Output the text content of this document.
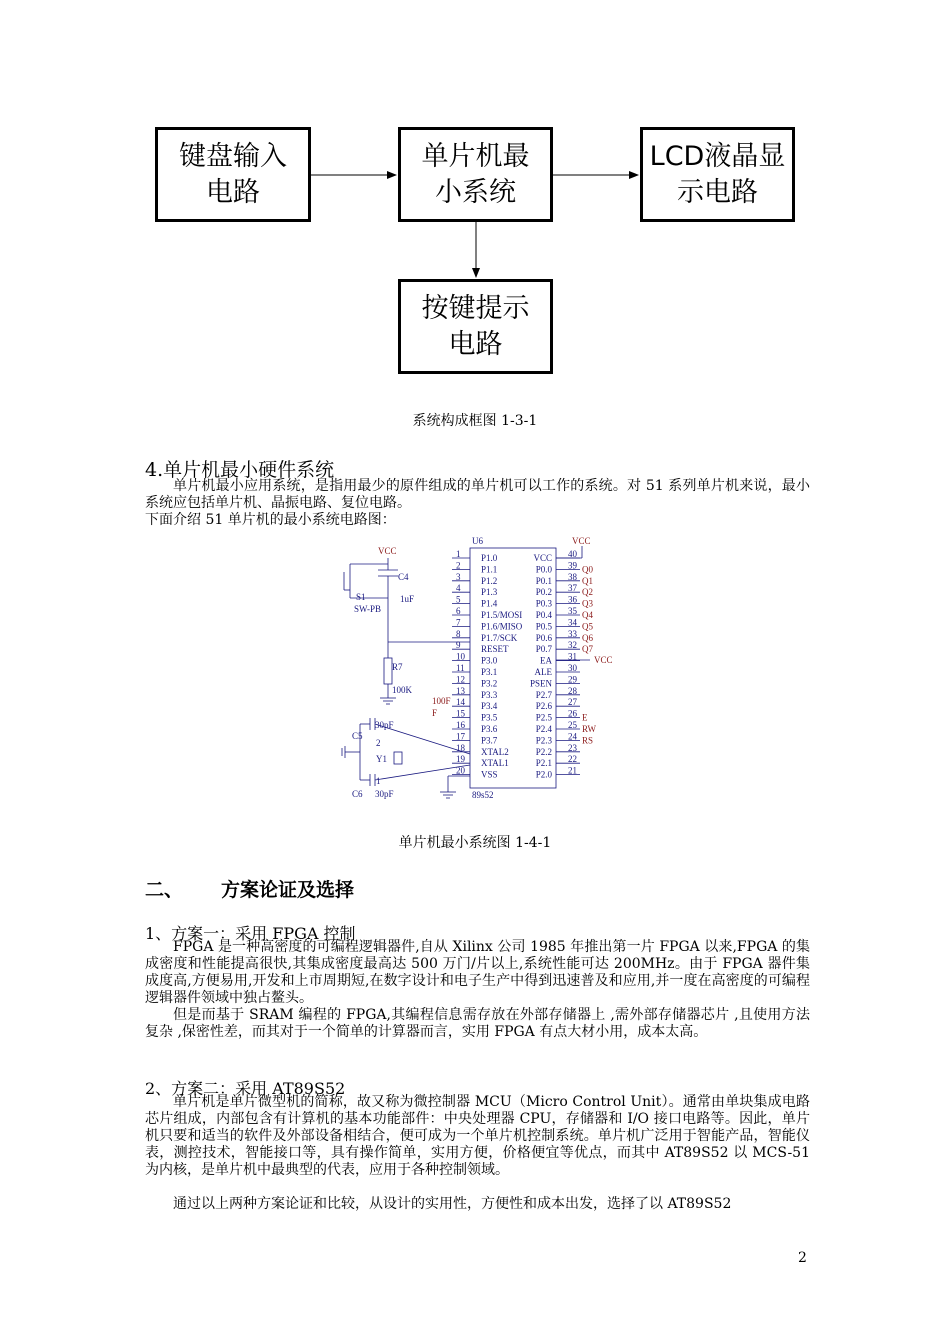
键盘输入
电路
单片机最
小系统
LCD液晶显
示电路
按键提示
电路
系统构成框图 1-3-1
4.单片机最小硬件系统
单片机最小应用系统，是指用最少的原件组成的单片机可以工作的系统。对 51 系列单片机来说，最小系统应包括单片机、晶振电路、复位电路。
下面介绍 51 单片机的最小系统电路图：
1 P1.0
2 P1.1
3 P1.2
4 P1.3
5 P1.4
6 P1.5/MOSI
7 P1.6/MISO
8 P1.7/SCK
9 RESET
10 P3.0
11 P3.1
12 P3.2
13 P3.3
14 P3.4
15 P3.5
16 P3.6
17 P3.7
18 XTAL2
19 XTAL1
20 VSS
VCC 40
P0.0 39 Q0
P0.1 38 Q1
P0.2 37 Q2
P0.3 36 Q3
P0.4 35 Q4
P0.5 34 Q5
P0.6 33 Q6
P0.7 32 Q7
EA 31
ALE 30
PSEN 29
P2.7 28
P2.6 27
P2.5 26 E
P2.4 25 RW
P2.3 24 RS
P2.2 23
P2.1 22
P2.0 21
VCC
VCC
VCC
100F
F
U6
89s52
C4
1uF
S1
SW-PB
R7
100K
C5
C6
30pF
30pF
Y1
2
1
单片机最小系统图 1-4-1
二、 方案论证及选择
1、方案一：采用 FPGA 控制
FPGA 是一种高密度的可编程逻辑器件,自从 Xilinx 公司 1985 年推出第一片 FPGA 以来,FPGA 的集成密度和性能提高很快,其集成密度最高达 500 万门/片以上,系统性能可达 200MHz。由于 FPGA 器件集成度高,方便易用,开发和上市周期短,在数字设计和电子生产中得到迅速普及和应用,并一度在高密度的可编程逻辑器件领域中独占鳌头。
但是而基于 SRAM 编程的 FPGA,其编程信息需存放在外部存储器上 ,需外部存储器芯片 ,且使用方法复杂 ,保密性差，而其对于一个简单的计算器而言，实用 FPGA 有点大材小用，成本太高。
2、方案二：采用 AT89S52
单片机是单片微型机的简称，故又称为微控制器 MCU（Micro Control Unit）。通常由单块集成电路芯片组成，内部包含有计算机的基本功能部件：中央处理器 CPU，存储器和 I/O 接口电路等。因此，单片机只要和适当的软件及外部设备相结合，便可成为一个单片机控制系统。单片机广泛用于智能产品，智能仪表，测控技术，智能接口等，具有操作简单，实用方便，价格便宜等优点，而其中 AT89S52 以 MCS-51 为内核，是单片机中最典型的代表，应用于各种控制领域。
通过以上两种方案论证和比较，从设计的实用性，方便性和成本出发，选择了以 AT89S52
2
